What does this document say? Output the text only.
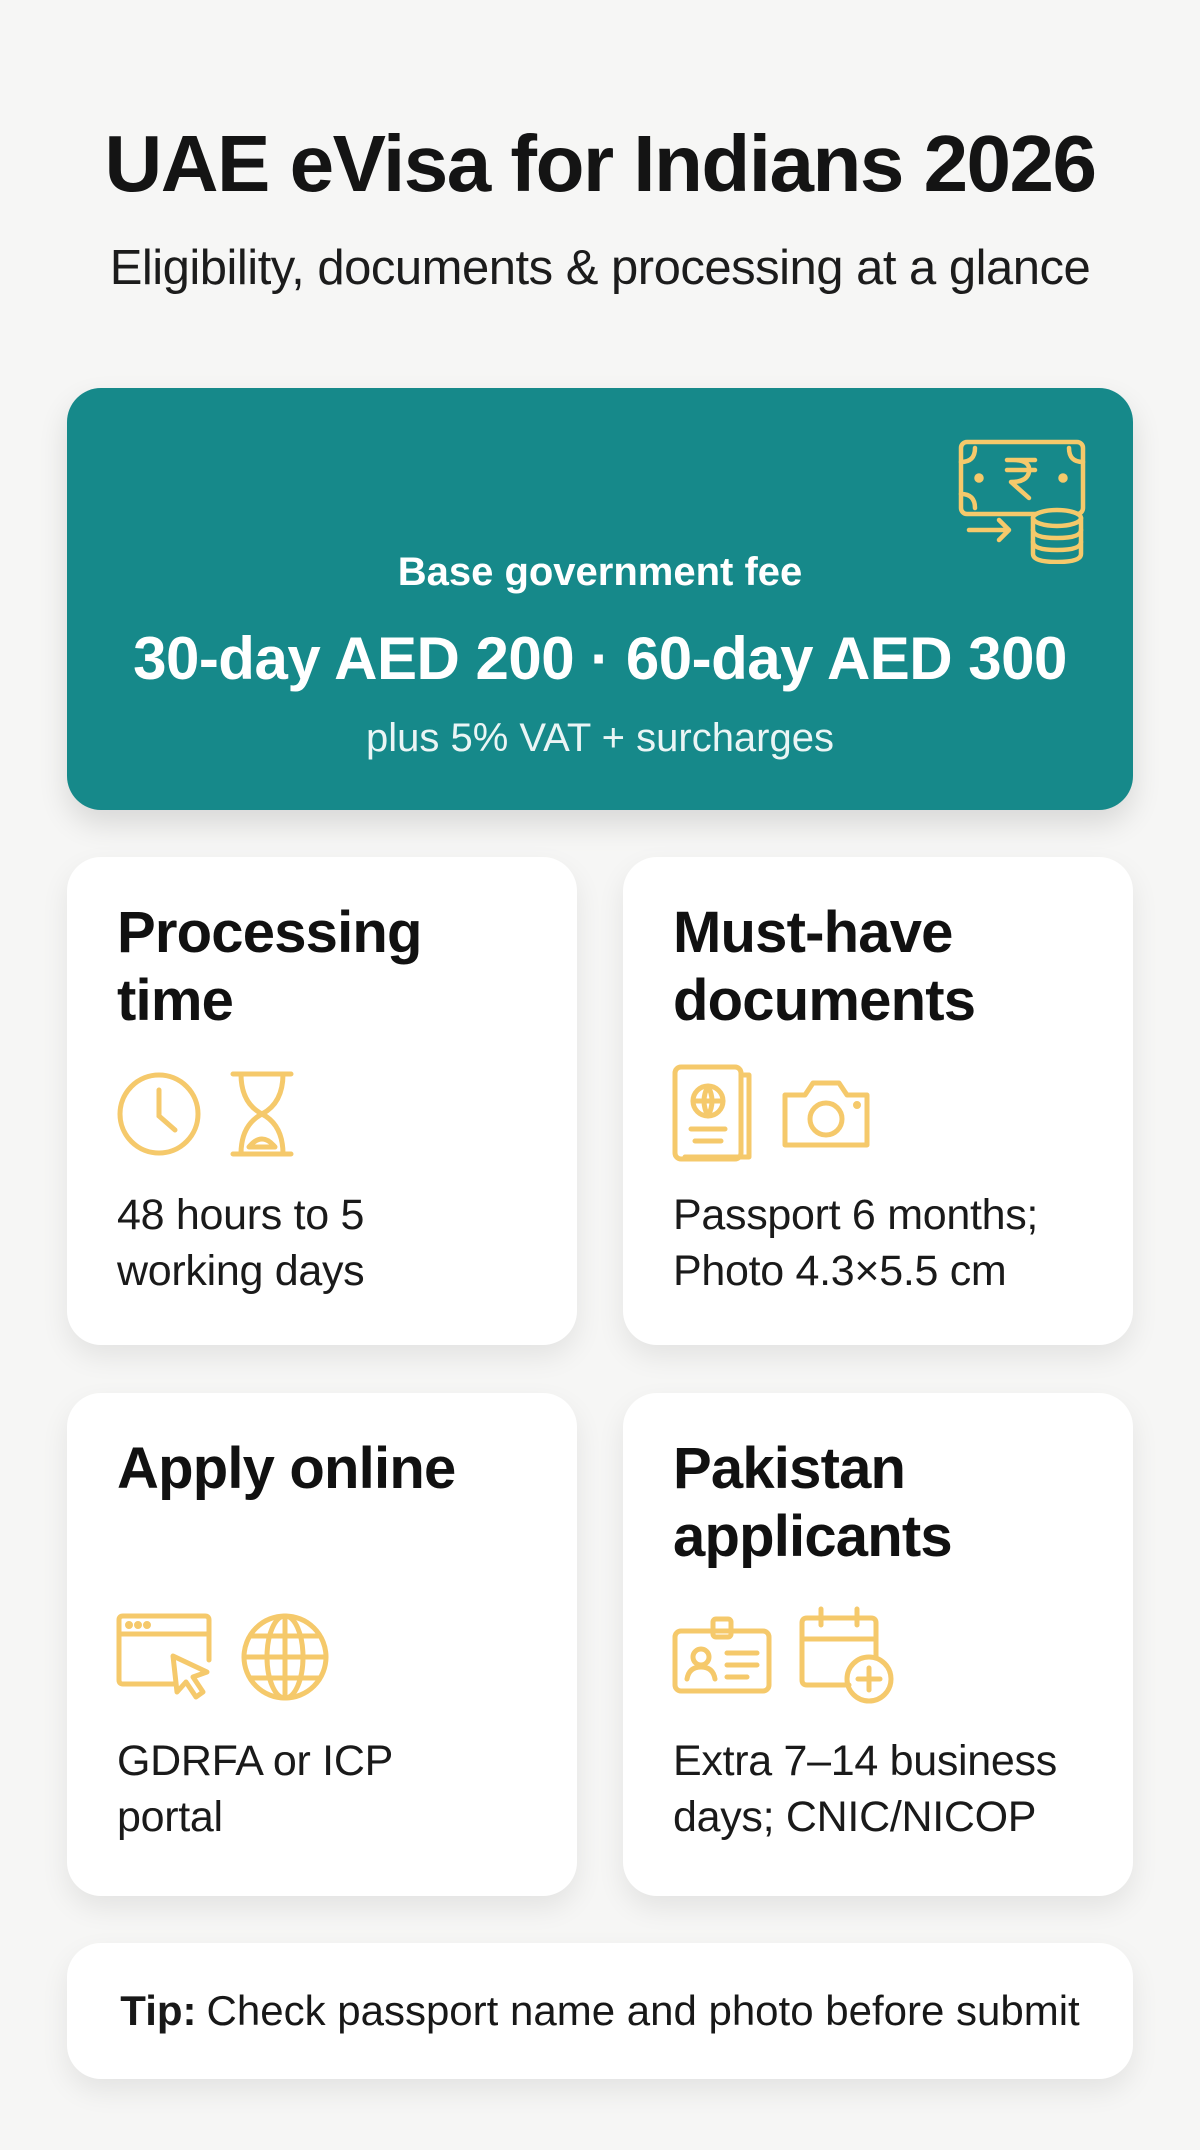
UAE eVisa for Indians 2026
Eligibility, documents & processing at a glance
Base government fee
30-day AED 200 · 60-day AED 300
plus 5% VAT + surcharges
Processing
time
48 hours to 5
working days
Must-have
documents
Passport 6 months;
Photo 4.3×5.5 cm
Apply online
GDRFA or ICP
portal
Pakistan
applicants
Extra 7–14 business
days; CNIC/NICOP
Tip: Check passport name and photo before submit
